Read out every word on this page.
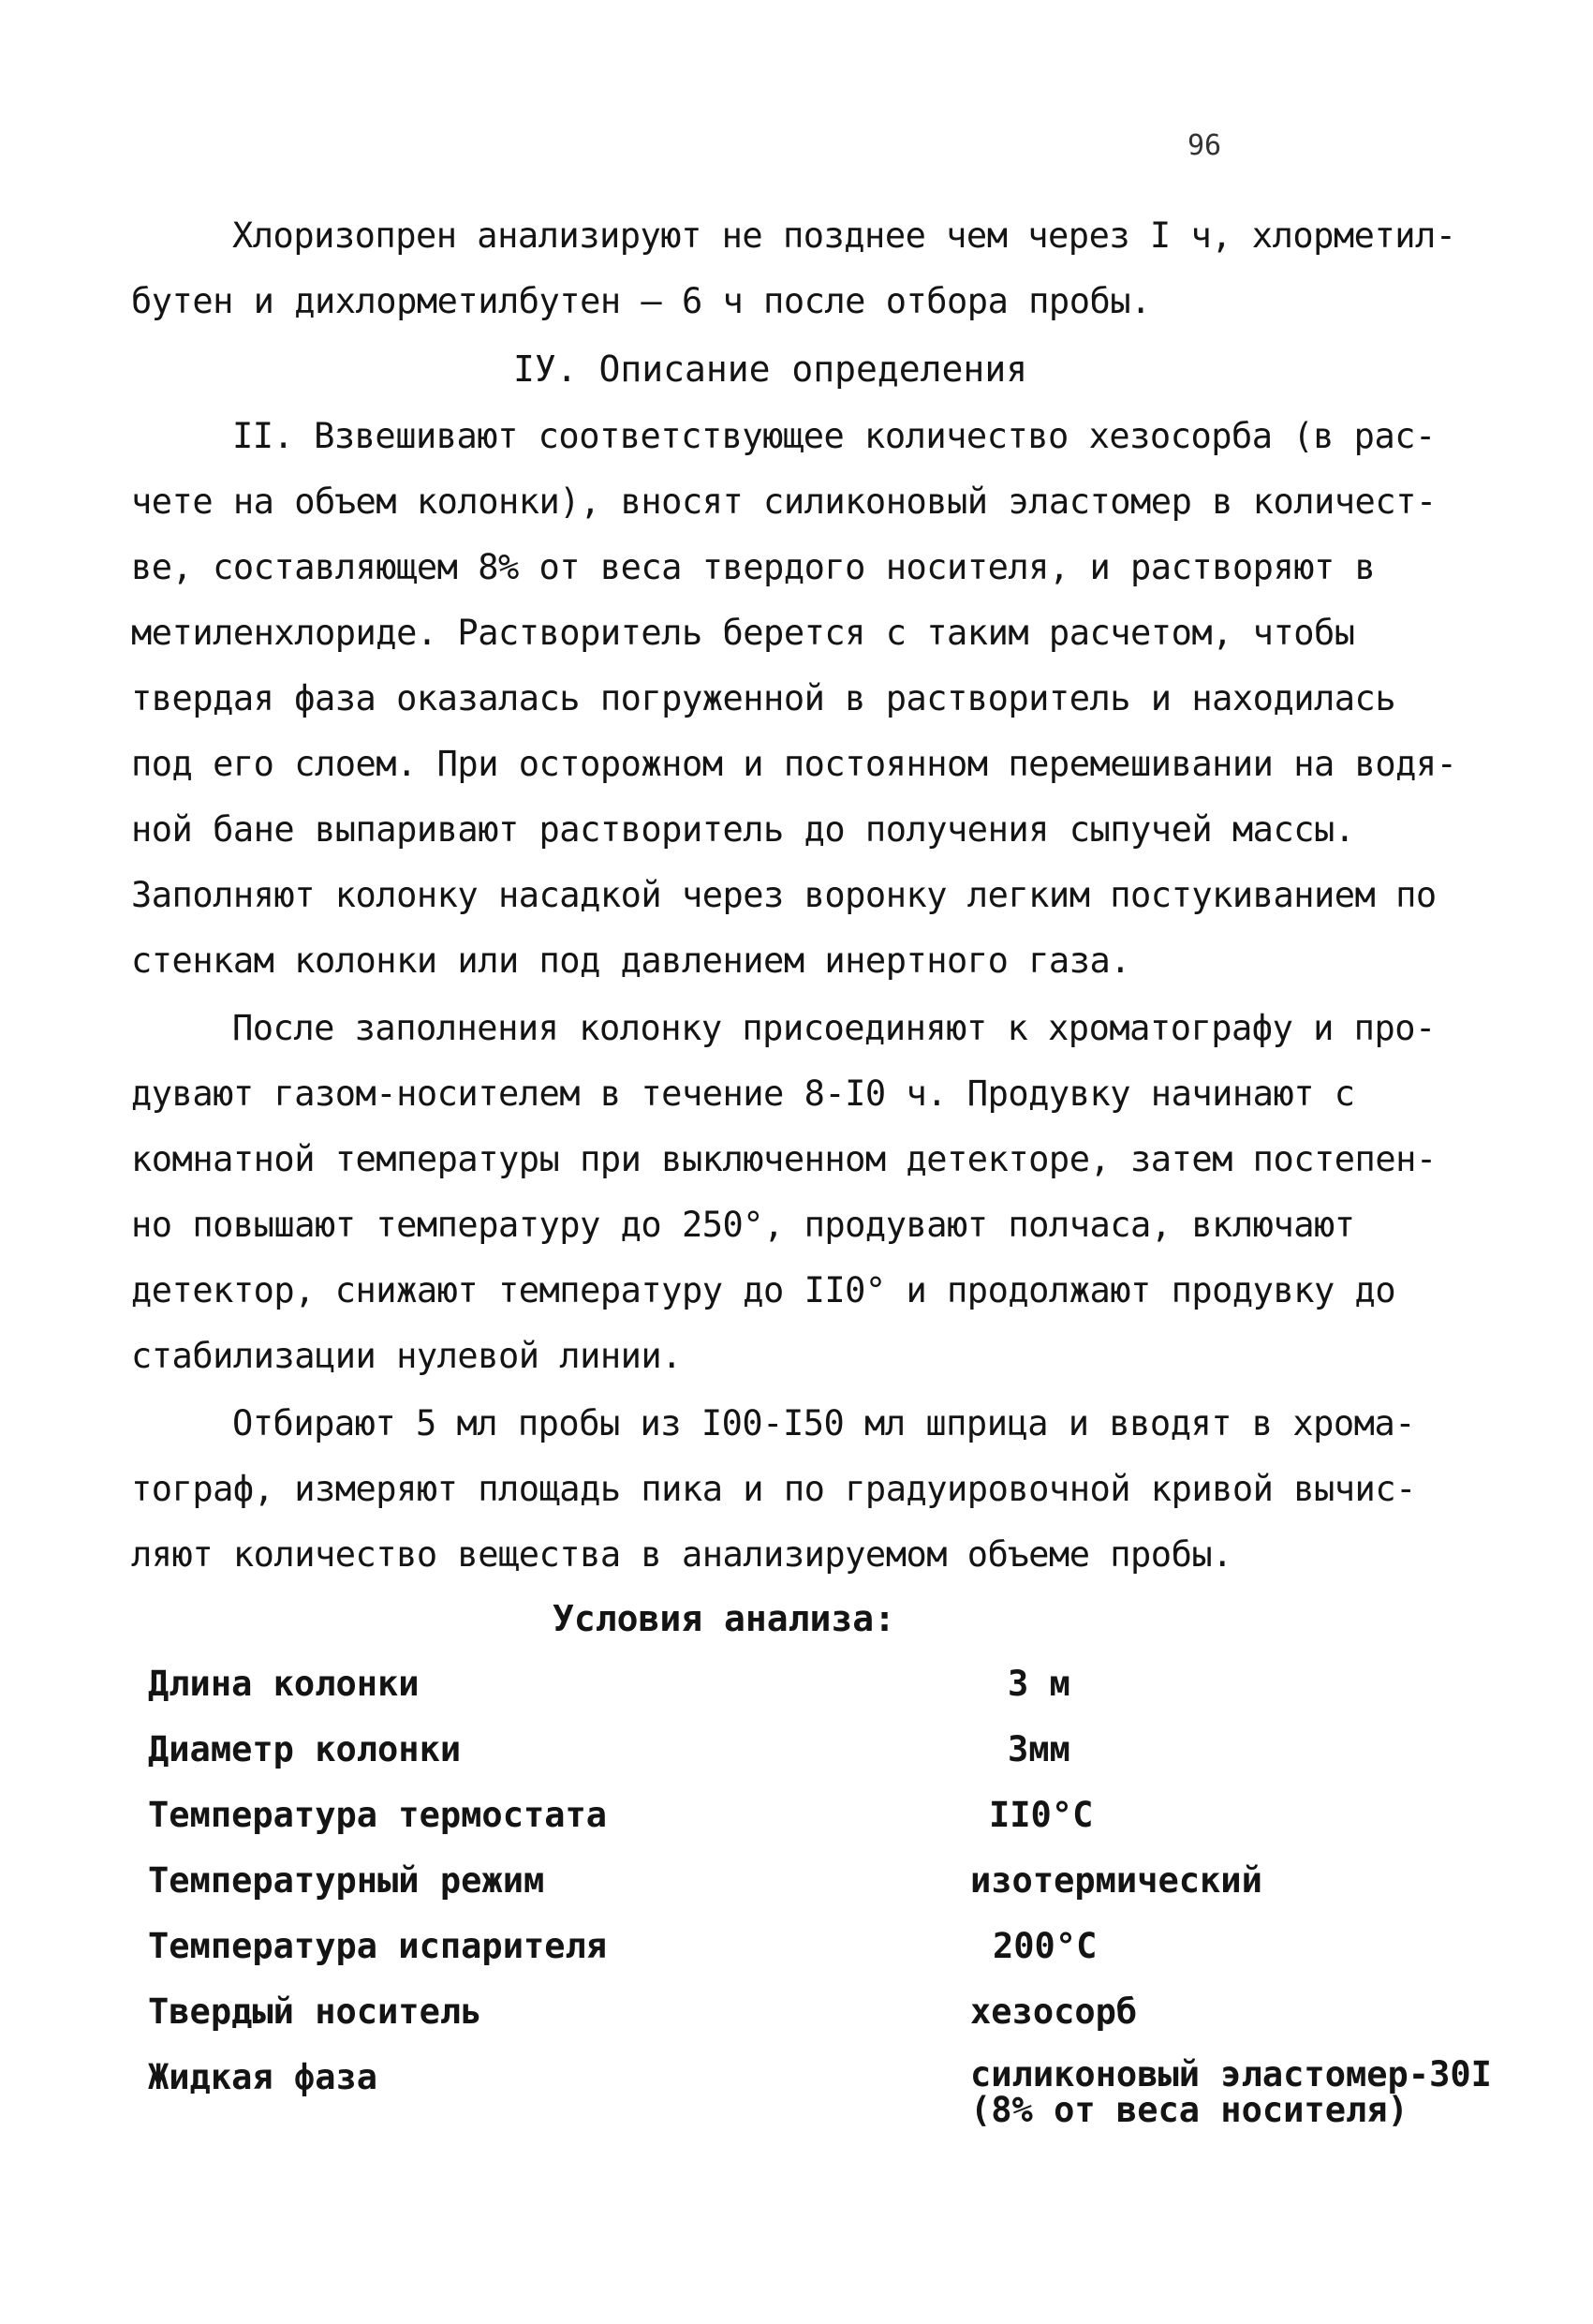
96
Хлоризопрен анализируют не позднее чем через I ч, хлорметил-
бутен и дихлорметилбутен – 6 ч после отбора пробы.
IУ. Описание определения
II. Взвешивают соответствующее количество хезосорба (в рас-
чете на объем колонки), вносят силиконовый эластомер в количест-
ве, составляющем 8% от веса твердого носителя, и растворяют в
метиленхлориде. Растворитель берется с таким расчетом, чтобы
твердая фаза оказалась погруженной в растворитель и находилась
под его слоем. При осторожном и постоянном перемешивании на водя-
ной бане выпаривают растворитель до получения сыпучей массы.
Заполняют колонку насадкой через воронку легким постукиванием по
стенкам колонки или под давлением инертного газа.
После заполнения колонку присоединяют к хроматографу и про-
дувают газом-носителем в течение 8-I0 ч. Продувку начинают с
комнатной температуры при выключенном детекторе, затем постепен-
но повышают температуру до 250°, продувают полчаса, включают
детектор, снижают температуру до II0° и продолжают продувку до
стабилизации нулевой линии.
Отбирают 5 мл пробы из I00-I50 мл шприца и вводят в хрома-
тограф, измеряют площадь пика и по градуировочной кривой вычис-
ляют количество вещества в анализируемом объеме пробы.
Условия анализа:
Длина колонки	3 м
Диаметр колонки	3мм
Температура термостата	II0°C
Температурный режим	изотермический
Температура испарителя	200°C
Твердый носитель	хезосорб
Жидкая фаза	силиконовый эластомер-30I
(8% от веса носителя)
